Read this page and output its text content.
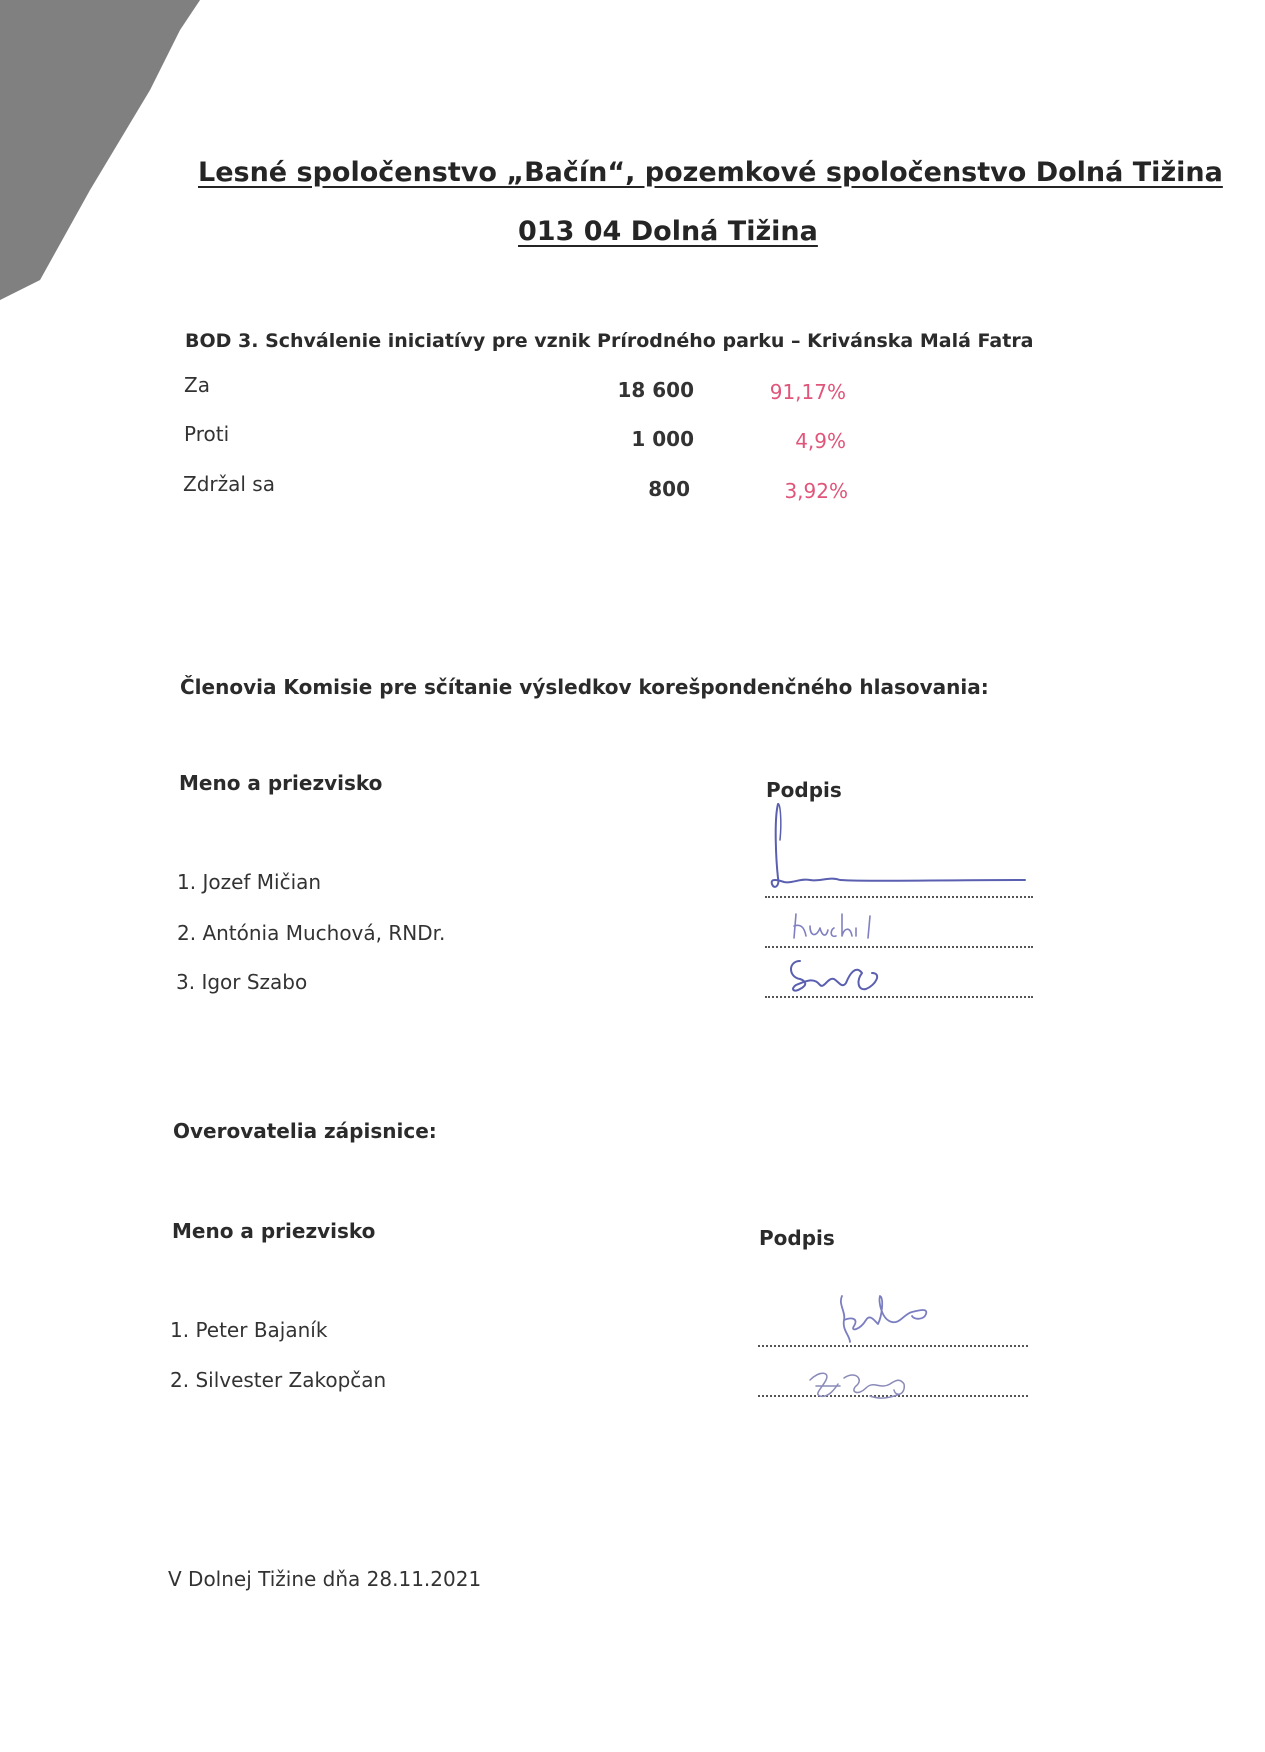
Lesné spoločenstvo „Bačín“, pozemkové spoločenstvo Dolná Tižina
013 04 Dolná Tižina
BOD 3. Schválenie iniciatívy pre vznik Prírodného parku – Krivánska Malá Fatra
Za	18 600	91,17%
Proti	1 000	4,9%
Zdržal sa	800	3,92%
Členovia Komisie pre sčítanie výsledkov korešpondenčného hlasovania:
Meno a priezvisko	Podpis
1. Jozef Mičian
2. Antónia Muchová, RNDr.
3. Igor Szabo
Overovatelia zápisnice:
Meno a priezvisko	Podpis
1. Peter Bajaník
2. Silvester Zakopčan
V Dolnej Tižine dňa 28.11.2021
